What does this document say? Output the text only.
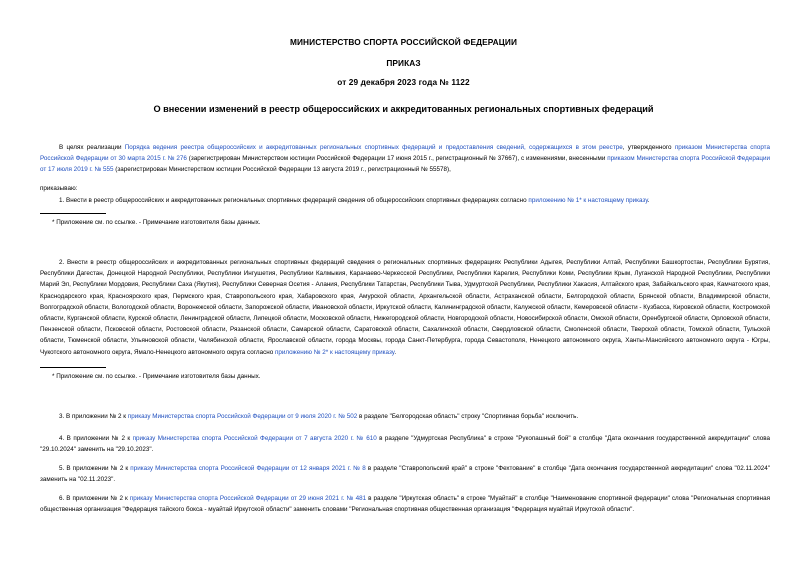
МИНИСТЕРСТВО СПОРТА РОССИЙСКОЙ ФЕДЕРАЦИИ
ПРИКАЗ
от 29 декабря 2023 года № 1122
О внесении изменений в реестр общероссийских и аккредитованных региональных спортивных федераций

В целях реализации Порядка ведения реестра общероссийских и аккредитованных региональных спортивных федераций и предоставления сведений, содержащихся в этом реестре, утвержденного приказом Министерства спорта Российской Федерации от 30 марта 2015 г. № 276 (зарегистрирован Министерством юстиции Российской Федерации 17 июня 2015 г., регистрационный № 37667), с изменениями, внесенными приказом Министерства спорта Российской Федерации от 17 июля 2019 г. № 555 (зарегистрирован Министерством юстиции Российской Федерации 13 августа 2019 г., регистрационный № 55578),

приказываю:

1. Внести в реестр общероссийских и аккредитованных региональных спортивных федераций сведения об общероссийских спортивных федерациях согласно приложению № 1* к настоящему приказу.

* Приложение см. по ссылке. - Примечание изготовителя базы данных.

2. Внести в реестр общероссийских и аккредитованных региональных спортивных федераций сведения о региональных спортивных федерациях Республики Адыгея, Республики Алтай, Республики Башкортостан, Республики Бурятия, Республики Дагестан, Донецкой Народной Республики, Республики Ингушетия, Республики Калмыкия, Карачаево-Черкесской Республики, Республики Карелия, Республики Коми, Республики Крым, Луганской Народной Республики, Республики Марий Эл, Республики Мордовия, Республики Саха (Якутия), Республики Северная Осетия - Алания, Республики Татарстан, Республики Тыва, Удмуртской Республики, Республики Хакасия, Алтайского края, Забайкальского края, Камчатского края, Краснодарского края, Красноярского края, Пермского края, Ставропольского края, Хабаровского края, Амурской области, Архангельской области, Астраханской области, Белгородской области, Брянской области, Владимирской области, Волгоградской области, Вологодской области, Воронежской области, Запорожской области, Ивановской области, Иркутской области, Калининградской области, Калужской области, Кемеровской области - Кузбасса, Кировской области, Костромской области, Курганской области, Курской области, Ленинградской области, Липецкой области, Московской области, Нижегородской области, Новгородской области, Новосибирской области, Омской области, Оренбургской области, Орловской области, Пензенской области, Псковской области, Ростовской области, Рязанской области, Самарской области, Саратовской области, Сахалинской области, Свердловской области, Смоленской области, Тверской области, Томской области, Тульской области, Тюменской области, Ульяновской области, Челябинской области, Ярославской области, города Москвы, города Санкт-Петербурга, города Севастополя, Ненецкого автономного округа, Ханты-Мансийского автономного округа - Югры, Чукотского автономного округа, Ямало-Ненецкого автономного округа согласно приложению № 2* к настоящему приказу.

* Приложение см. по ссылке. - Примечание изготовителя базы данных.

3. В приложении № 2 к приказу Министерства спорта Российской Федерации от 9 июля 2020 г. № 502 в разделе "Белгородская область" строку "Спортивная борьба" исключить.

4. В приложении № 2 к приказу Министерства спорта Российской Федерации от 7 августа 2020 г. № 610 в разделе "Удмуртская Республика" в строке "Рукопашный бой" в столбце "Дата окончания государственной аккредитации" слова "29.10.2024" заменить на "29.10.2023".

5. В приложении № 2 к приказу Министерства спорта Российской Федерации от 12 января 2021 г. № 8 в разделе "Ставропольский край" в строке "Фехтование" в столбце "Дата окончания государственной аккредитации" слова "02.11.2024" заменить на "02.11.2023".

6. В приложении № 2 к приказу Министерства спорта Российской Федерации от 29 июня 2021 г. № 481 в разделе "Иркутская область" в строке "Муайтай" в столбце "Наименование спортивной федерации" слова "Региональная спортивная общественная организация "Федерация тайского бокса - муайтай Иркутской области" заменить словами "Региональная спортивная общественная организация "Федерация муайтай Иркутской области".
